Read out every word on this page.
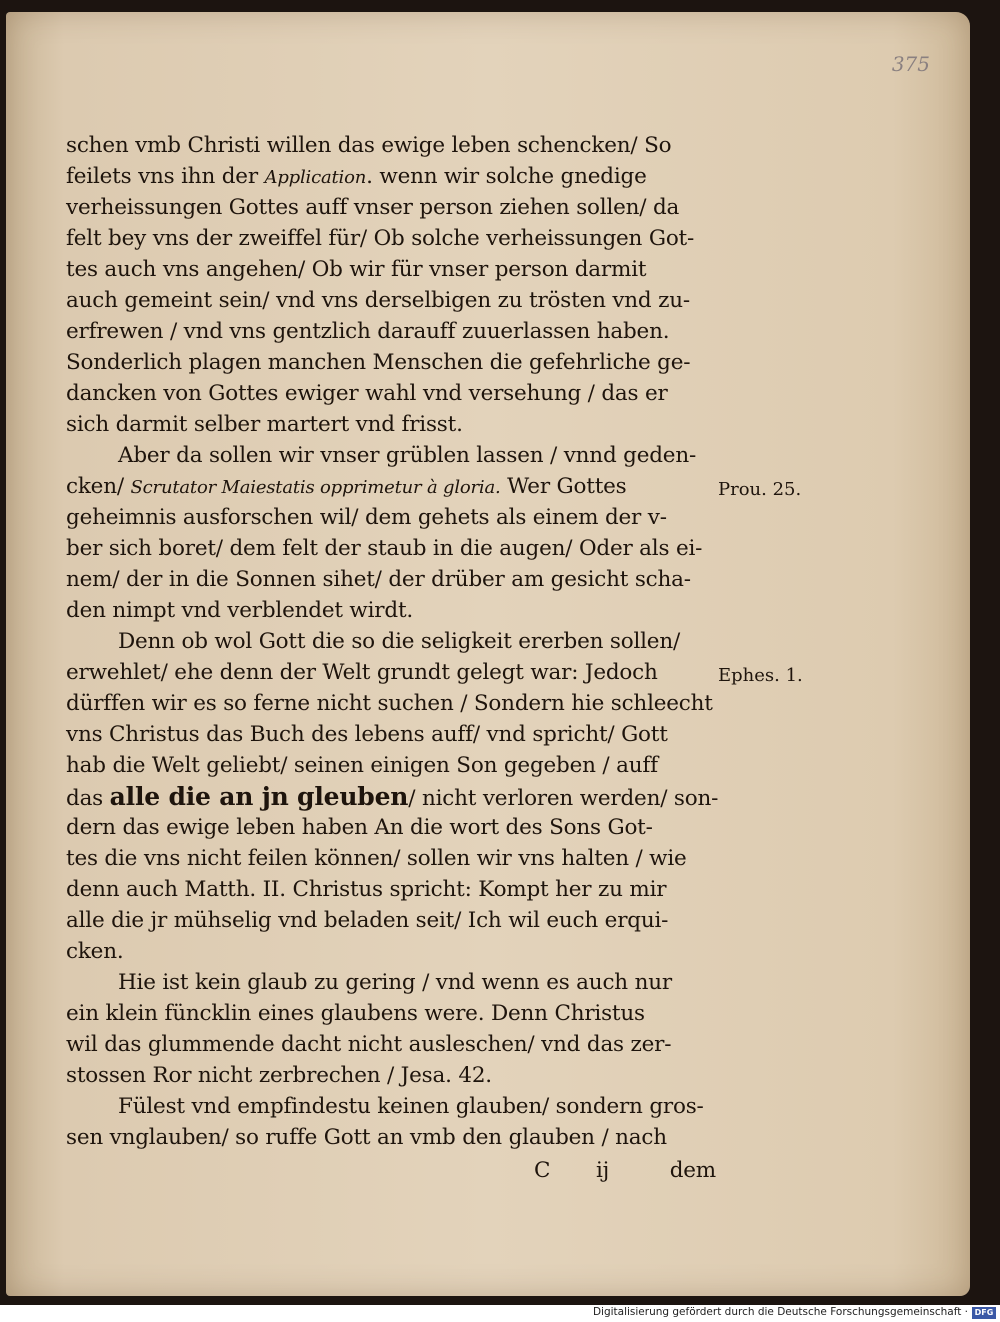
375
schen vmb Christi willen das ewige leben schencken/ So
feilets vns ihn der Application. wenn wir solche gnedige
verheissungen Gottes auff vnser person ziehen sollen/ da
felt bey vns der zweiffel für/ Ob solche verheissungen Got-
tes auch vns angehen/ Ob wir für vnser person darmit
auch gemeint sein/ vnd vns derselbigen zu trösten vnd zu-
erfrewen / vnd vns gentzlich darauff zuuerlassen haben.
Sonderlich plagen manchen Menschen die gefehrliche ge-
dancken von Gottes ewiger wahl vnd versehung / das er
sich darmit selber martert vnd frisst.
Aber da sollen wir vnser grüblen lassen / vnnd geden-
cken/ Scrutator Maiestatis opprimetur à gloria. Wer Gottes
geheimnis ausforschen wil/ dem gehets als einem der v-
ber sich boret/ dem felt der staub in die augen/ Oder als ei-
nem/ der in die Sonnen sihet/ der drüber am gesicht scha-
den nimpt vnd verblendet wirdt.
Denn ob wol Gott die so die seligkeit ererben sollen/
erwehlet/ ehe denn der Welt grundt gelegt war: Jedoch
dürffen wir es so ferne nicht suchen / Sondern hie schleecht
vns Christus das Buch des lebens auff/ vnd spricht/ Gott
hab die Welt geliebt/ seinen einigen Son gegeben / auff
das alle die an jn gleuben/ nicht verloren werden/ son-
dern das ewige leben haben An die wort des Sons Got-
tes die vns nicht feilen können/ sollen wir vns halten / wie
denn auch Matth. II. Christus spricht: Kompt her zu mir
alle die jr mühselig vnd beladen seit/ Ich wil euch erqui-
cken.
Hie ist kein glaub zu gering / vnd wenn es auch nur
ein klein füncklin eines glaubens were. Denn Christus
wil das glummende dacht nicht ausleschen/ vnd das zer-
stossen Ror nicht zerbrechen / Jesa. 42.
Fülest vnd empfindestu keinen glauben/ sondern gros-
sen vnglauben/ so ruffe Gott an vmb den glauben / nach
C ij	dem
Prou. 25.
Ephes. 1.
Digitalisierung gefördert durch die Deutsche Forschungsgemeinschaft · DFG
